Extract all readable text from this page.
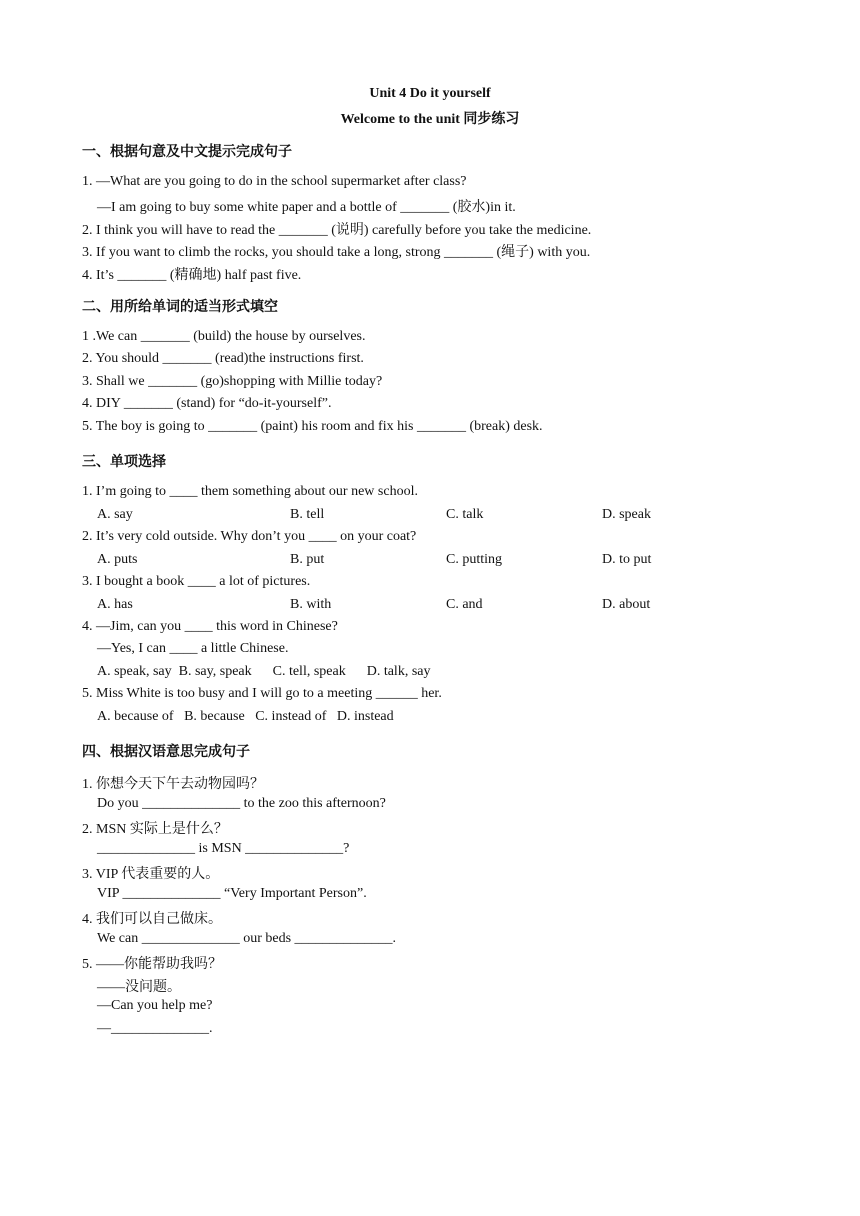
Unit 4 Do it yourself
Welcome to the unit 同步练习
一、根据句意及中文提示完成句子
1. —What are you going to do in the school supermarket after class?
—I am going to buy some white paper and a bottle of _______ (胶水)in it.
2. I think you will have to read the _______ (说明) carefully before you take the medicine.
3. If you want to climb the rocks, you should take a long, strong _______ (绳子) with you.
4. It’s _______ (精确地) half past five.
二、用所给单词的适当形式填空
1 .We can _______ (build) the house by ourselves.
2. You should _______ (read)the instructions first.
3. Shall we _______ (go)shopping with Millie today?
4. DIY _______ (stand) for “do-it-yourself”.
5. The boy is going to _______ (paint) his room and fix his _______ (break) desk.
三、单项选择
1. I’m going to ____ them something about our new school.
A. say	B. tell	C. talk	D. speak
2. It’s very cold outside. Why don’t you ____ on your coat?
A. puts	B. put	C. putting	D. to put
3. I bought a book ____ a lot of pictures.
A. has	B. with	C. and	D. about
4. —Jim, can you ____ this word in Chinese?
—Yes, I can ____ a little Chinese.
A. speak, say  B. say, speak      C. tell, speak      D. talk, say
5. Miss White is too busy and I will go to a meeting ______ her.
A. because of   B. because   C. instead of   D. instead
四、根据汉语意思完成句子
1. 你想今天下午去动物园吗？
Do you ______________ to the zoo this afternoon?
2. MSN 实际上是什么？
______________ is MSN ______________?
3. VIP 代表重要的人。
VIP ______________ “Very Important Person”.
4. 我们可以自己做床。
We can ______________ our beds ______________.
5. ——你能帮助我吗？
——没问题。
—Can you help me?
—______________.
